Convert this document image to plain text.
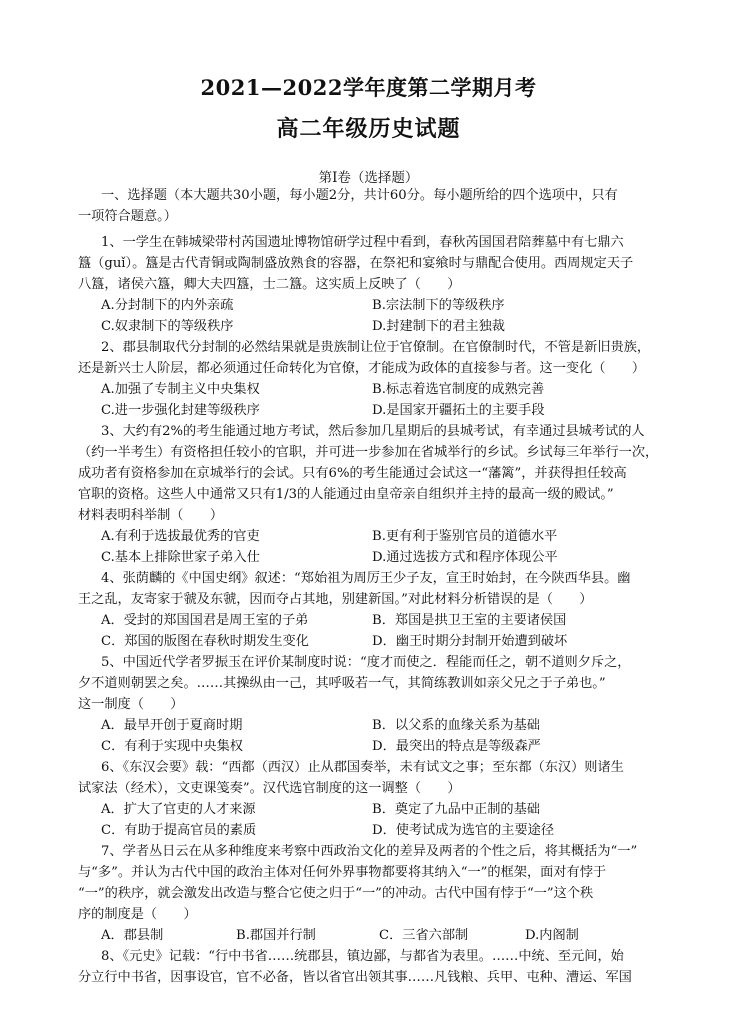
2021—2022学年度第二学期月考
高二年级历史试题
第Ⅰ卷（选择题）
一、选择题（本大题共30小题，每小题2分，共计60分。每小题所给的四个选项中，只有
一项符合题意。）
1、一学生在韩城梁带村芮国遗址博物馆研学过程中看到，春秋芮国国君陪葬墓中有七鼎六
簋（guǐ）。簋是古代青铜或陶制盛放熟食的容器，在祭祀和宴飨时与鼎配合使用。西周规定天子
八簋，诸侯六簋，卿大夫四簋，士二簋。这实质上反映了（　　）
A.分封制下的内外亲疏	B.宗法制下的等级秩序
C.奴隶制下的等级秩序	D.封建制下的君主独裁
2、郡县制取代分封制的必然结果就是贵族制让位于官僚制。在官僚制时代，不管是新旧贵族，
还是新兴士人阶层，都必须通过任命转化为官僚，才能成为政体的直接参与者。这一变化（　　）
A.加强了专制主义中央集权	B.标志着选官制度的成熟完善
C.进一步强化封建等级秩序	D.是国家开疆拓土的主要手段
3、大约有2%的考生能通过地方考试，然后参加几星期后的县城考试，有幸通过县城考试的人
（约一半考生）有资格担任较小的官职，并可进一步参加在省城举行的乡试。乡试每三年举行一次，
成功者有资格参加在京城举行的会试。只有6%的考生能通过会试这一“藩篱”，并获得担任较高
官职的资格。这些人中通常又只有1/3的人能通过由皇帝亲自组织并主持的最高一级的殿试。”
材料表明科举制（　　）
A.有利于选拔最优秀的官吏	B.更有利于鉴别官员的道德水平
C.基本上排除世家子弟入仕	D.通过选拔方式和程序体现公平
4、张荫麟的《中国史纲》叙述：“郑始祖为周厉王少子友，宣王时始封，在今陕西华县。幽
王之乱，友寄家于虢及东虢，因而夺占其地，别建新国。”对此材料分析错误的是（　　）
A．受封的郑国国君是周王室的子弟	B．郑国是拱卫王室的主要诸侯国
C．郑国的版图在春秋时期发生变化	D．幽王时期分封制开始遭到破坏
5、中国近代学者罗振玉在评价某制度时说：“度才而使之．程能而任之，朝不道则夕斥之，
夕不道则朝罢之矣。……其操纵由一己，其呼吸若一气，其简练教训如亲父兄之于子弟也。”
这一制度（　　）
A．最早开创于夏商时期	B．以父系的血缘关系为基础
C．有利于实现中央集权	D．最突出的特点是等级森严
6、《东汉会要》载：“西都（西汉）止从郡国奏举，未有试文之事；至东都（东汉）则诸生
试家法（经术），文吏课笺奏”。汉代选官制度的这一调整（　　）
A．扩大了官吏的人才来源	B．奠定了九品中正制的基础
C．有助于提高官员的素质	D．使考试成为选官的主要途径
7、学者丛日云在从多种维度来考察中西政治文化的差异及两者的个性之后，将其概括为“一”
与“多”。并认为古代中国的政治主体对任何外界事物都要将其纳入“一”的框架，面对有悖于
“一”的秩序，就会激发出改造与整合它使之归于“一”的冲动。古代中国有悖于“一”这个秩
序的制度是（　　）
A．郡县制	B.郡国并行制	C．三省六部制	D.内阁制
8、《元史》记载：“行中书省……统郡县，镇边鄙，与都省为表里。……中统、至元间，始
分立行中书省，因事设官，官不必备，皆以省官出领其事……凡钱粮、兵甲、屯种、漕运、军国
